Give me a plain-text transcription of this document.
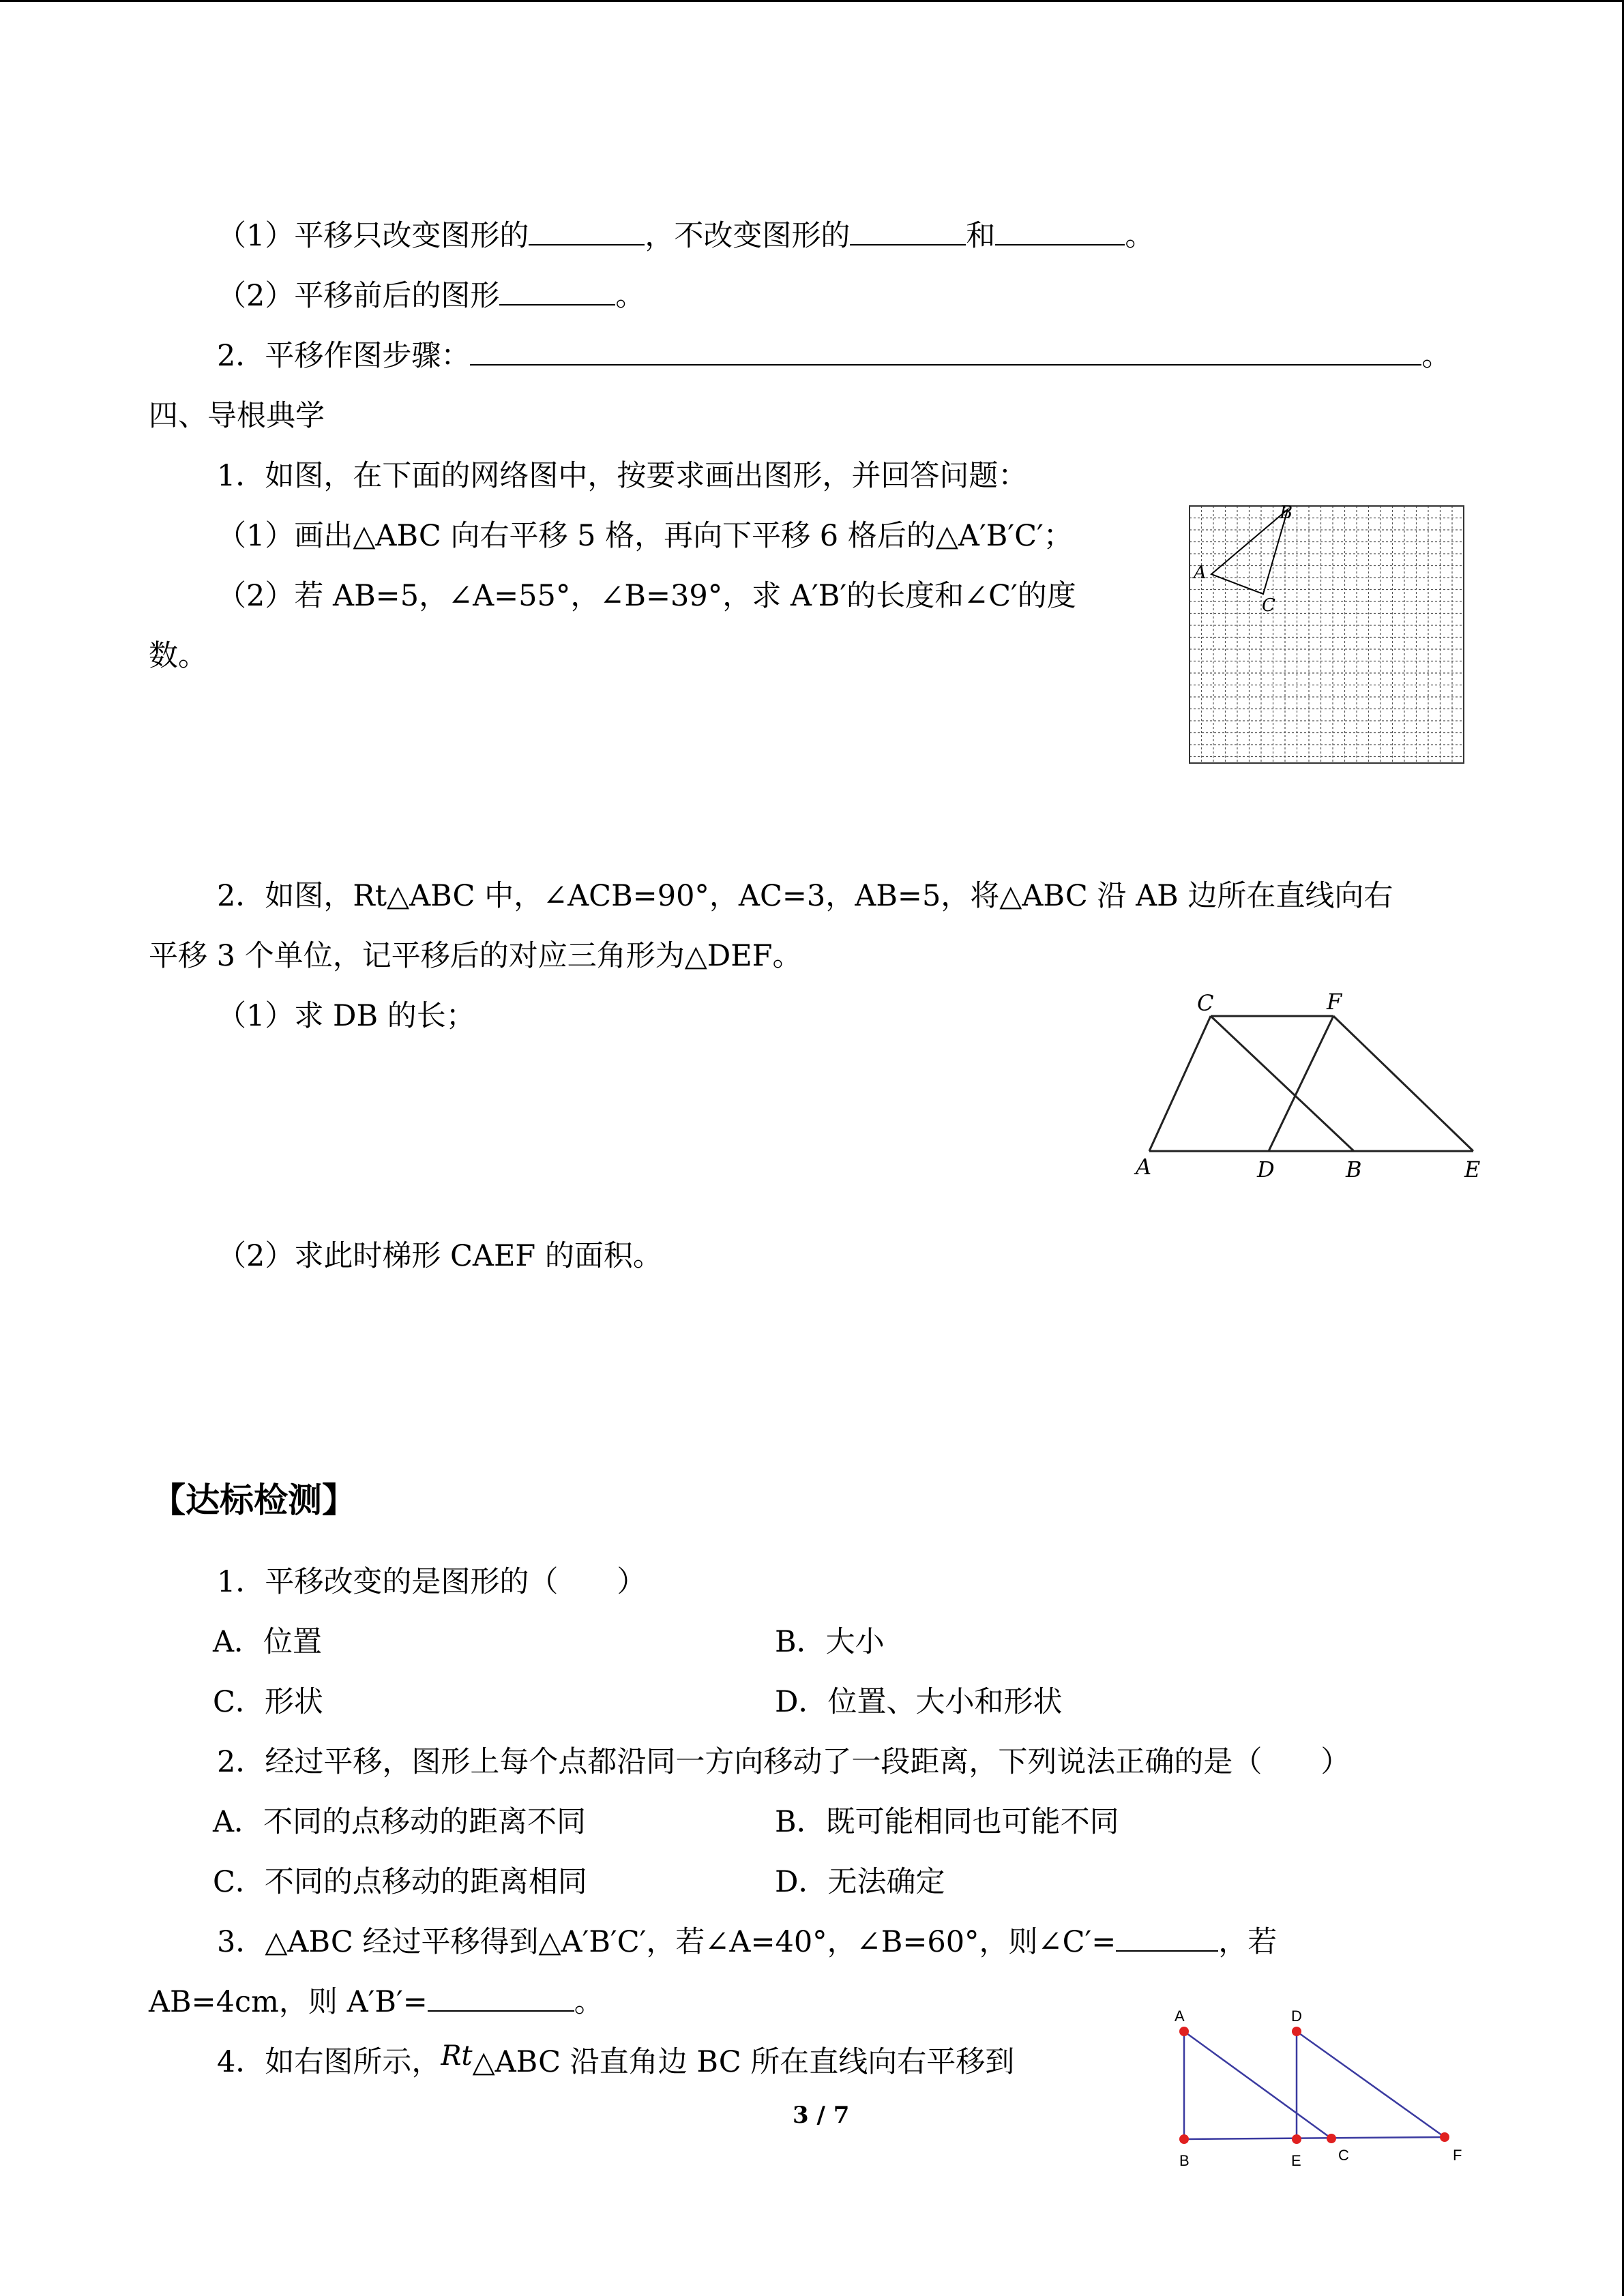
（1）平移只改变图形的	，不改变图形的	和	。
（2）平移前后的图形	。
2．平移作图步骤：	。
四、导根典学
1．如图，在下面的网络图中，按要求画出图形，并回答问题：
（1）画出△ABC 向右平移 5 格，再向下平移 6 格后的△A′B′C′；
（2）若 AB=5，∠A=55°，∠B=39°，求 A′B′的长度和∠C′的度
数。
A
B
C
2．如图，Rt△ABC 中，∠ACB=90°，AC=3，AB=5，将△ABC 沿 AB 边所在直线向右
平移 3 个单位，记平移后的对应三角形为△DEF。
（1）求 DB 的长；	C	F
A	D	B	E
（2）求此时梯形 CAEF 的面积。
【达标检测】
1．平移改变的是图形的（　　）
A．位置	B．大小
C．形状	D．位置、大小和形状
2．经过平移，图形上每个点都沿同一方向移动了一段距离，下列说法正确的是（　　）
A．不同的点移动的距离不同	B．既可能相同也可能不同
C．不同的点移动的距离相同	D．无法确定
3．△ABC 经过平移得到△A′B′C′，若∠A=40°，∠B=60°，则∠C′=	，若
AB=4cm，则 A′B′=	。
4．如右图所示，Rt△ABC 沿直角边 BC 所在直线向右平移到
A	D
B	E C	F
3 / 7
